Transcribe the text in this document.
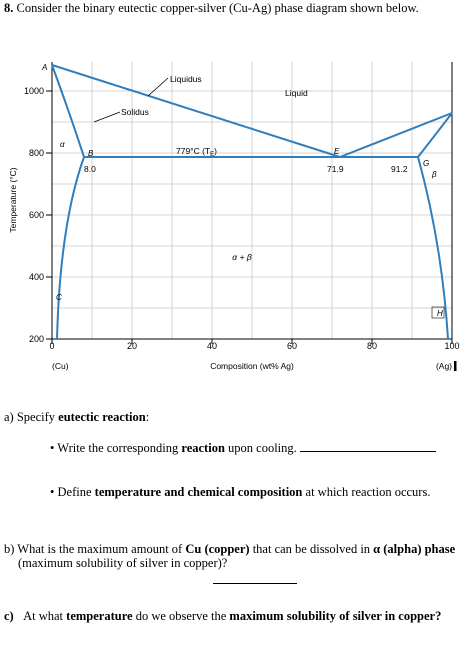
8. Consider the binary eutectic copper-silver (Cu-Ag) phase diagram shown below.
200
400
600
800
1000
0	20	40	60	80	100
(Cu)	(Ag)
Composition (wt% Ag)
Temperature (°C)
Liquidus
Solidus
Liquid
779°C $(T_E)$
α + β
8.0	71.9	91.2
A
B
C
E
G
H
α
β
a) Specify eutectic reaction:
• Write the corresponding reaction upon cooling.
• Define temperature and chemical composition at which reaction occurs.
b) What is the maximum amount of Cu (copper) that can be dissolved in α (alpha) phase
(maximum solubility of silver in copper)?
c) At what temperature do we observe the maximum solubility of silver in copper?
